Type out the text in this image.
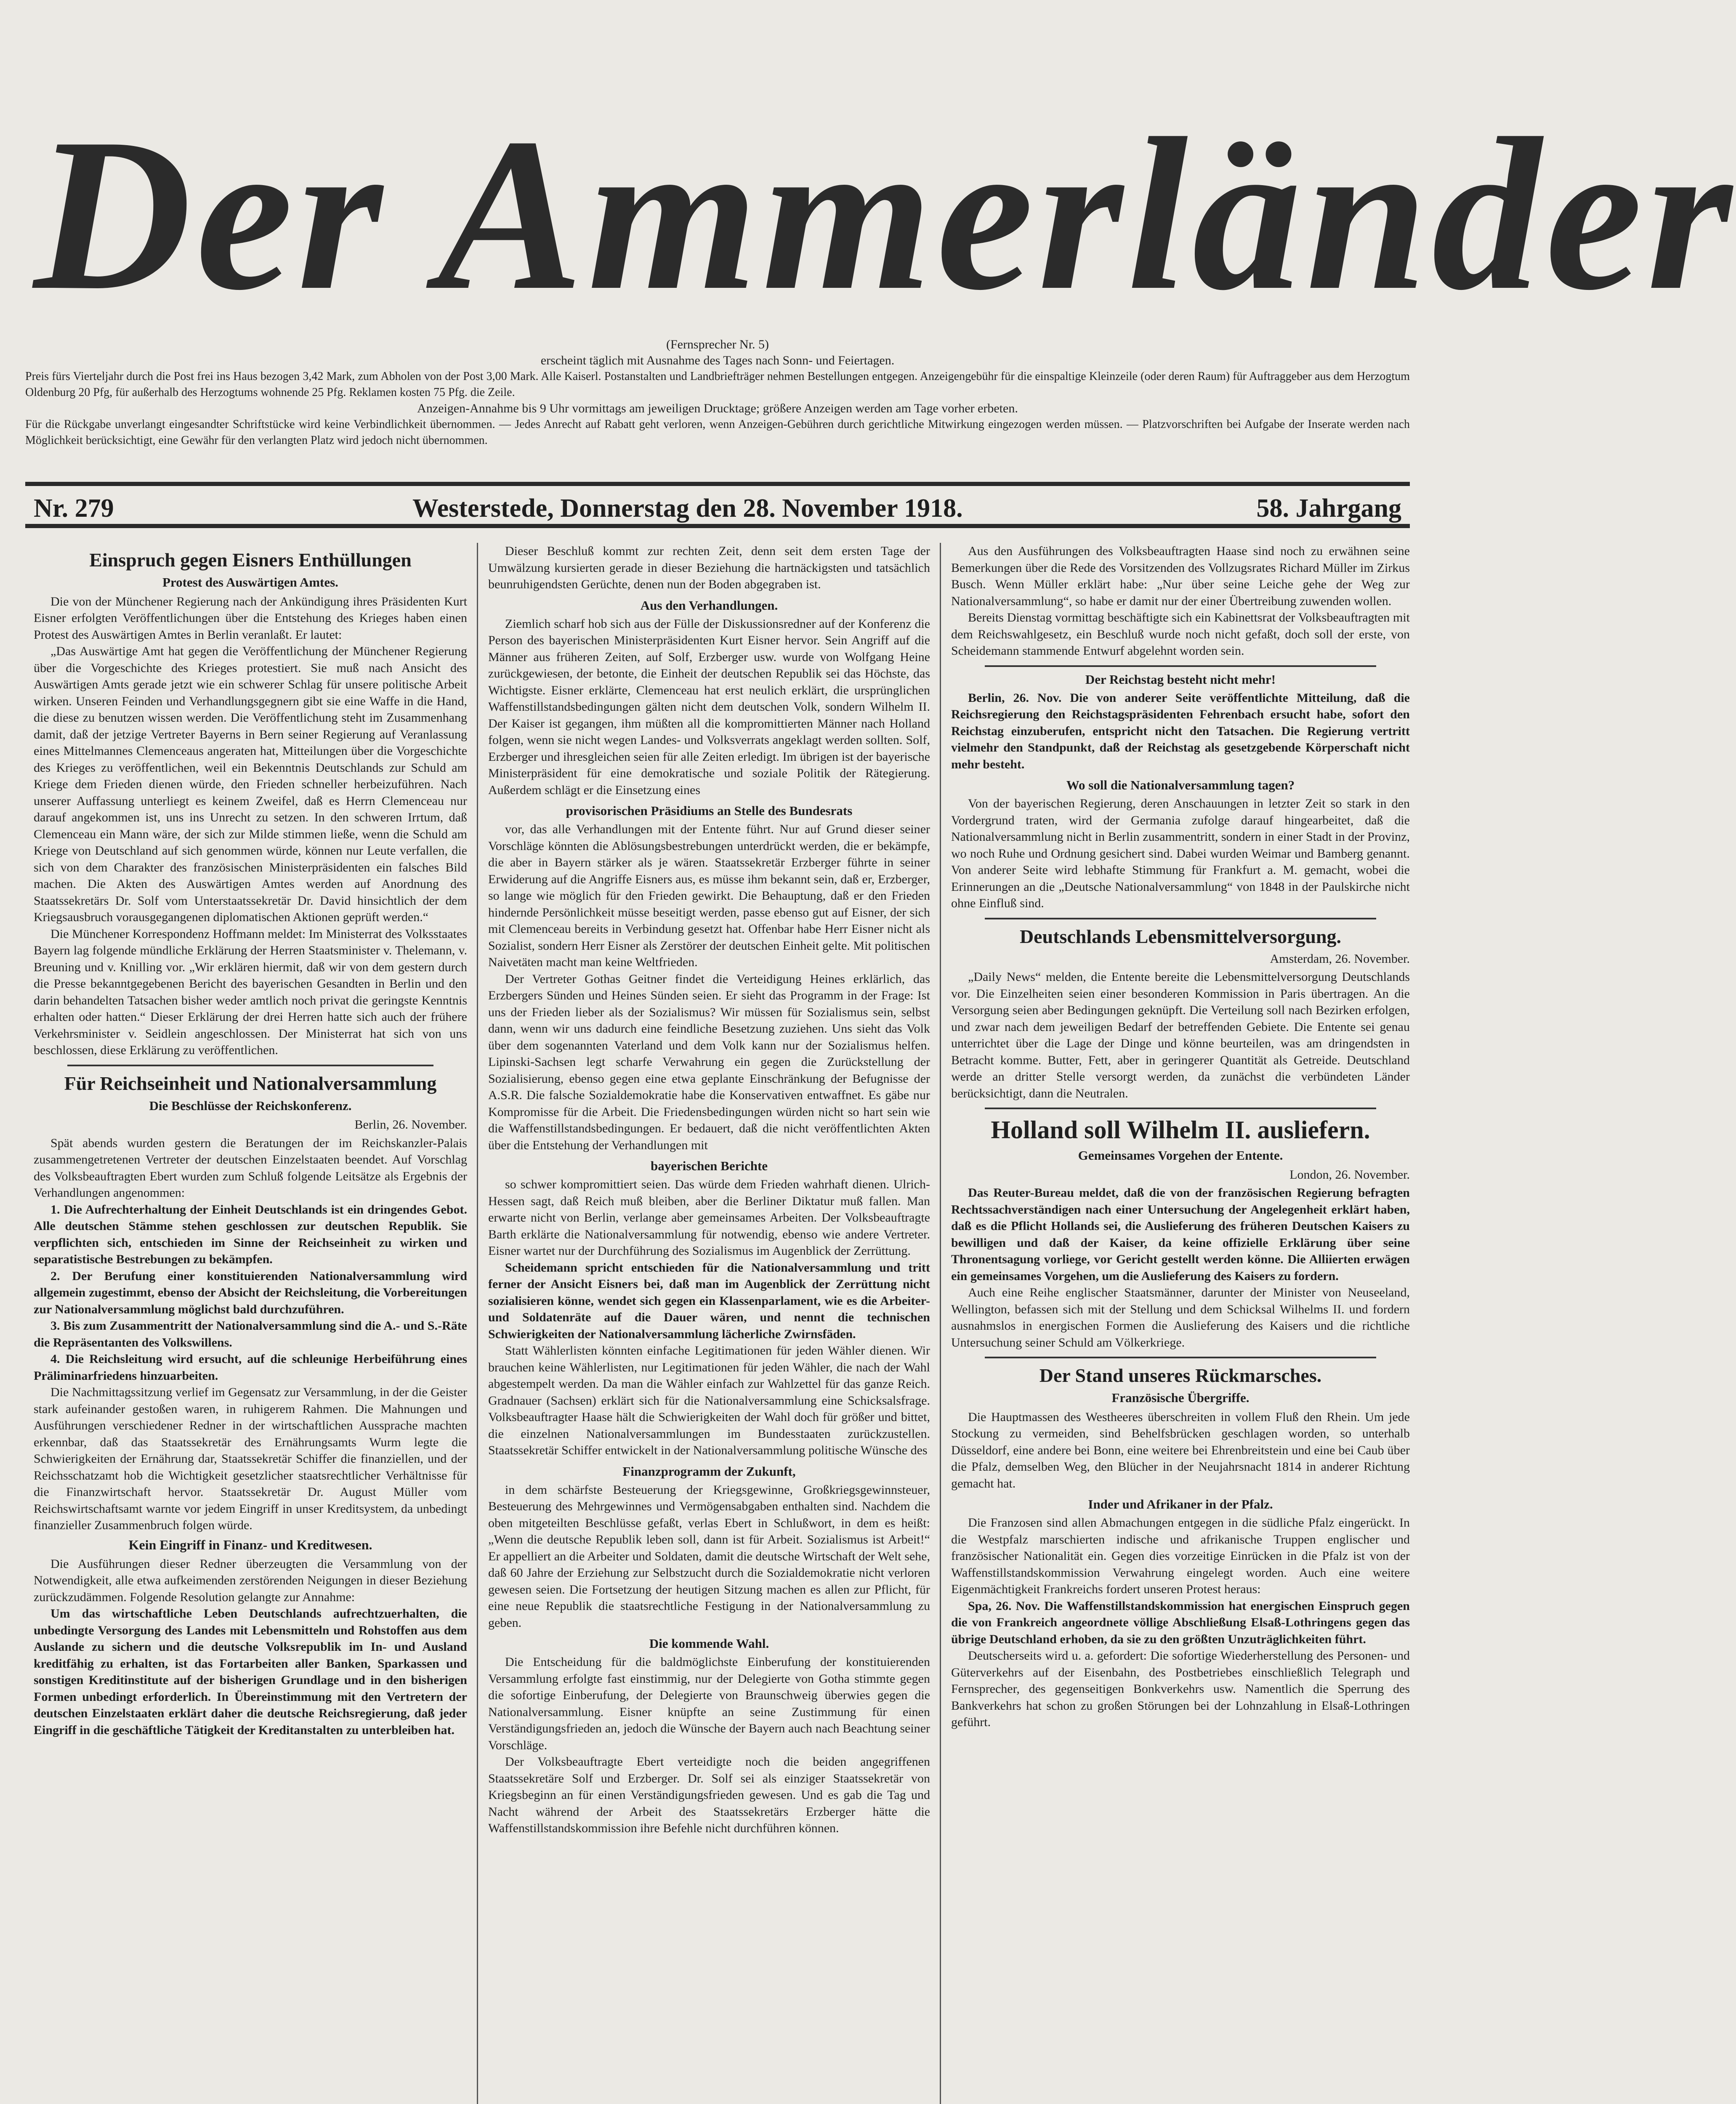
Der Ammerländer
(Fernsprecher Nr. 5)
erscheint täglich mit Ausnahme des Tages nach Sonn- und Feiertagen.
Preis fürs Vierteljahr durch die Post frei ins Haus bezogen 3,42 Mark, zum Abholen von der Post 3,00 Mark. Alle Kaiserl. Postanstalten und Landbriefträger nehmen Bestellungen entgegen. Anzeigengebühr für die einspaltige Kleinzeile (oder deren Raum) für Auftraggeber aus dem Herzogtum Oldenburg 20 Pfg, für außerhalb des Herzogtums wohnende 25 Pfg. Reklamen kosten 75 Pfg. die Zeile.
Anzeigen-Annahme bis 9 Uhr vormittags am jeweiligen Drucktage; größere Anzeigen werden am Tage vorher erbeten.
Für die Rückgabe unverlangt eingesandter Schriftstücke wird keine Verbindlichkeit übernommen. — Jedes Anrecht auf Rabatt geht verloren, wenn Anzeigen-Gebühren durch gerichtliche Mitwirkung eingezogen werden müssen. — Platzvorschriften bei Aufgabe der Inserate werden nach Möglichkeit berücksichtigt, eine Gewähr für den verlangten Platz wird jedoch nicht übernommen.
Nr. 279	Westerstede, Donnerstag den 28. November 1918.	58. Jahrgang
Einspruch gegen Eisners Enthüllungen
Protest des Auswärtigen Amtes.

Die von der Münchener Regierung nach der Ankündigung ihres Präsidenten Kurt Eisner erfolgten Veröffentlichungen über die Entstehung des Krieges haben einen Protest des Auswärtigen Amtes in Berlin veranlaßt. Er lautet:

„Das Auswärtige Amt hat gegen die Veröffentlichung der Münchener Regierung über die Vorgeschichte des Krieges protestiert. Sie muß nach Ansicht des Auswärtigen Amts gerade jetzt wie ein schwerer Schlag für unsere politische Arbeit wirken. Unseren Feinden und Verhandlungsgegnern gibt sie eine Waffe in die Hand, die diese zu benutzen wissen werden. Die Veröffentlichung steht im Zusammenhang damit, daß der jetzige Vertreter Bayerns in Bern seiner Regierung auf Veranlassung eines Mittelmannes Clemenceaus angeraten hat, Mitteilungen über die Vorgeschichte des Krieges zu veröffentlichen, weil ein Bekenntnis Deutschlands zur Schuld am Kriege dem Frieden dienen würde, den Frieden schneller herbeizuführen. Nach unserer Auffassung unterliegt es keinem Zweifel, daß es Herrn Clemenceau nur darauf angekommen ist, uns ins Unrecht zu setzen. In den schweren Irrtum, daß Clemenceau ein Mann wäre, der sich zur Milde stimmen ließe, wenn die Schuld am Kriege von Deutschland auf sich genommen würde, können nur Leute verfallen, die sich von dem Charakter des französischen Ministerpräsidenten ein falsches Bild machen. Die Akten des Auswärtigen Amtes werden auf Anordnung des Staatssekretärs Dr. Solf vom Unterstaatssekretär Dr. David hinsichtlich der dem Kriegsausbruch vorausgegangenen diplomatischen Aktionen geprüft werden.“

Die Münchener Korrespondenz Hoffmann meldet: Im Ministerrat des Volksstaates Bayern lag folgende mündliche Erklärung der Herren Staatsminister v. Thelemann, v. Breuning und v. Knilling vor. „Wir erklären hiermit, daß wir von dem gestern durch die Presse bekanntgegebenen Bericht des bayerischen Gesandten in Berlin und den darin behandelten Tatsachen bisher weder amtlich noch privat die geringste Kenntnis erhalten oder hatten.“ Dieser Erklärung der drei Herren hatte sich auch der frühere Verkehrsminister v. Seidlein angeschlossen. Der Ministerrat hat sich von uns beschlossen, diese Erklärung zu veröffentlichen.

Für Reichseinheit und Nationalversammlung
Die Beschlüsse der Reichskonferenz.
Berlin, 26. November.

Spät abends wurden gestern die Beratungen der im Reichskanzler-Palais zusammengetretenen Vertreter der deutschen Einzelstaaten beendet. Auf Vorschlag des Volksbeauftragten Ebert wurden zum Schluß folgende Leitsätze als Ergebnis der Verhandlungen angenommen:

1. Die Aufrechterhaltung der Einheit Deutschlands ist ein dringendes Gebot. Alle deutschen Stämme stehen geschlossen zur deutschen Republik. Sie verpflichten sich, entschieden im Sinne der Reichseinheit zu wirken und separatistische Bestrebungen zu bekämpfen.

2. Der Berufung einer konstituierenden Nationalversammlung wird allgemein zugestimmt, ebenso der Absicht der Reichsleitung, die Vorbereitungen zur Nationalversammlung möglichst bald durchzuführen.

3. Bis zum Zusammentritt der Nationalversammlung sind die A.- und S.-Räte die Repräsentanten des Volkswillens.

4. Die Reichsleitung wird ersucht, auf die schleunige Herbeiführung eines Präliminarfriedens hinzuarbeiten.

Die Nachmittagssitzung verlief im Gegensatz zur Versammlung, in der die Geister stark aufeinander gestoßen waren, in ruhigerem Rahmen. Die Mahnungen und Ausführungen verschiedener Redner in der wirtschaftlichen Aussprache machten erkennbar, daß das Staatssekretär des Ernährungsamts Wurm legte die Schwierigkeiten der Ernährung dar, Staatssekretär Schiffer die finanziellen, und der Reichsschatzamt hob die Wichtigkeit gesetzlicher staatsrechtlicher Verhältnisse für die Finanzwirtschaft hervor. Staatssekretär Dr. August Müller vom Reichswirtschaftsamt warnte vor jedem Eingriff in unser Kreditsystem, da unbedingt finanzieller Zusammenbruch folgen würde.

Kein Eingriff in Finanz- und Kreditwesen.

Die Ausführungen dieser Redner überzeugten die Versammlung von der Notwendigkeit, alle etwa aufkeimenden zerstörenden Neigungen in dieser Beziehung zurückzudämmen. Folgende Resolution gelangte zur Annahme:

Um das wirtschaftliche Leben Deutschlands aufrechtzuerhalten, die unbedingte Versorgung des Landes mit Lebensmitteln und Rohstoffen aus dem Auslande zu sichern und die deutsche Volksrepublik im In- und Ausland kreditfähig zu erhalten, ist das Fortarbeiten aller Banken, Sparkassen und sonstigen Kreditinstitute auf der bisherigen Grundlage und in den bisherigen Formen unbedingt erforderlich. In Übereinstimmung mit den Vertretern der deutschen Einzelstaaten erklärt daher die deutsche Reichsregierung, daß jeder Eingriff in die geschäftliche Tätigkeit der Kreditanstalten zu unterbleiben hat.

Dieser Beschluß kommt zur rechten Zeit, denn seit dem ersten Tage der Umwälzung kursierten gerade in dieser Beziehung die hartnäckigsten und tatsächlich beunruhigendsten Gerüchte, denen nun der Boden abgegraben ist.

Aus den Verhandlungen.

Ziemlich scharf hob sich aus der Fülle der Diskussionsredner auf der Konferenz die Person des bayerischen Ministerpräsidenten Kurt Eisner hervor. Sein Angriff auf die Männer aus früheren Zeiten, auf Solf, Erzberger usw. wurde von Wolfgang Heine zurückgewiesen, der betonte, die Einheit der deutschen Republik sei das Höchste, das Wichtigste. Eisner erklärte, Clemenceau hat erst neulich erklärt, die ursprünglichen Waffenstillstandsbedingungen gälten nicht dem deutschen Volk, sondern Wilhelm II. Der Kaiser ist gegangen, ihm müßten all die kompromittierten Männer nach Holland folgen, wenn sie nicht wegen Landes- und Volksverrats angeklagt werden sollten. Solf, Erzberger und ihresgleichen seien für alle Zeiten erledigt. Im übrigen ist der bayerische Ministerpräsident für eine demokratische und soziale Politik der Rätegierung. Außerdem schlägt er die Einsetzung eines

provisorischen Präsidiums an Stelle des Bundesrats

vor, das alle Verhandlungen mit der Entente führt. Nur auf Grund dieser seiner Vorschläge könnten die Ablösungsbestrebungen unterdrückt werden, die er bekämpfe, die aber in Bayern stärker als je wären. Staatssekretär Erzberger führte in seiner Erwiderung auf die Angriffe Eisners aus, es müsse ihm bekannt sein, daß er, Erzberger, so lange wie möglich für den Frieden gewirkt. Die Behauptung, daß er den Frieden hindernde Persönlichkeit müsse beseitigt werden, passe ebenso gut auf Eisner, der sich mit Clemenceau bereits in Verbindung gesetzt hat. Offenbar habe Herr Eisner nicht als Sozialist, sondern Herr Eisner als Zerstörer der deutschen Einheit gelte. Mit politischen Naivetäten macht man keine Weltfrieden.

Der Vertreter Gothas Geitner findet die Verteidigung Heines erklärlich, das Erzbergers Sünden und Heines Sünden seien. Er sieht das Programm in der Frage: Ist uns der Frieden lieber als der Sozialismus? Wir müssen für Sozialismus sein, selbst dann, wenn wir uns dadurch eine feindliche Besetzung zuziehen. Uns sieht das Volk über dem sogenannten Vaterland und dem Volk kann nur der Sozialismus helfen. Lipinski-Sachsen legt scharfe Verwahrung ein gegen die Zurückstellung der Sozialisierung, ebenso gegen eine etwa geplante Einschränkung der Befugnisse der A.S.R. Die falsche Sozialdemokratie habe die Konservativen entwaffnet. Es gäbe nur Kompromisse für die Arbeit. Die Friedensbedingungen würden nicht so hart sein wie die Waffenstillstandsbedingungen. Er bedauert, daß die nicht veröffentlichten Akten über die Entstehung der Verhandlungen mit

bayerischen Berichte

so schwer kompromittiert seien. Das würde dem Frieden wahrhaft dienen. Ulrich-Hessen sagt, daß Reich muß bleiben, aber die Berliner Diktatur muß fallen. Man erwarte nicht von Berlin, verlange aber gemeinsames Arbeiten. Der Volksbeauftragte Barth erklärte die Nationalversammlung für notwendig, ebenso wie andere Vertreter. Eisner wartet nur der Durchführung des Sozialismus im Augenblick der Zerrüttung.

Scheidemann spricht entschieden für die Nationalversammlung und tritt ferner der Ansicht Eisners bei, daß man im Augenblick der Zerrüttung nicht sozialisieren könne, wendet sich gegen ein Klassenparlament, wie es die Arbeiter- und Soldatenräte auf die Dauer wären, und nennt die technischen Schwierigkeiten der Nationalversammlung lächerliche Zwirnsfäden.

Statt Wählerlisten könnten einfache Legitimationen für jeden Wähler dienen. Wir brauchen keine Wählerlisten, nur Legitimationen für jeden Wähler, die nach der Wahl abgestempelt werden. Da man die Wähler einfach zur Wahlzettel für das ganze Reich. Gradnauer (Sachsen) erklärt sich für die Nationalversammlung eine Schicksalsfrage. Volksbeauftragter Haase hält die Schwierigkeiten der Wahl doch für größer und bittet, die einzelnen Nationalversammlungen im Bundesstaaten zurückzustellen. Staatssekretär Schiffer entwickelt in der Nationalversammlung politische Wünsche des

Finanzprogramm der Zukunft,

in dem schärfste Besteuerung der Kriegsgewinne, Großkriegsgewinnsteuer, Besteuerung des Mehrgewinnes und Vermögensabgaben enthalten sind. Nachdem die oben mitgeteilten Beschlüsse gefaßt, verlas Ebert in Schlußwort, in dem es heißt: „Wenn die deutsche Republik leben soll, dann ist für Arbeit. Sozialismus ist Arbeit!“ Er appelliert an die Arbeiter und Soldaten, damit die deutsche Wirtschaft der Welt sehe, daß 60 Jahre der Erziehung zur Selbstzucht durch die Sozialdemokratie nicht verloren gewesen seien. Die Fortsetzung der heutigen Sitzung machen es allen zur Pflicht, für eine neue Republik die staatsrechtliche Festigung in der Nationalversammlung zu geben.

Die kommende Wahl.

Die Entscheidung für die baldmöglichste Einberufung der konstituierenden Versammlung erfolgte fast einstimmig, nur der Delegierte von Gotha stimmte gegen die sofortige Einberufung, der Delegierte von Braunschweig überwies gegen die Nationalversammlung. Eisner knüpfte an seine Zustimmung für einen Verständigungsfrieden an, jedoch die Wünsche der Bayern auch nach Beachtung seiner Vorschläge.

Der Volksbeauftragte Ebert verteidigte noch die beiden angegriffenen Staatssekretäre Solf und Erzberger. Dr. Solf sei als einziger Staatssekretär von Kriegsbeginn an für einen Verständigungsfrieden gewesen. Und es gab die Tag und Nacht während der Arbeit des Staatssekretärs Erzberger hätte die Waffenstillstandskommission ihre Befehle nicht durchführen können.

Aus den Ausführungen des Volksbeauftragten Haase sind noch zu erwähnen seine Bemerkungen über die Rede des Vorsitzenden des Vollzugsrates Richard Müller im Zirkus Busch. Wenn Müller erklärt habe: „Nur über seine Leiche gehe der Weg zur Nationalversammlung“, so habe er damit nur der einer Übertreibung zuwenden wollen.

Bereits Dienstag vormittag beschäftigte sich ein Kabinettsrat der Volksbeauftragten mit dem Reichswahlgesetz, ein Beschluß wurde noch nicht gefaßt, doch soll der erste, von Scheidemann stammende Entwurf abgelehnt worden sein.

Der Reichstag besteht nicht mehr!

Berlin, 26. Nov. Die von anderer Seite veröffentlichte Mitteilung, daß die Reichsregierung den Reichstagspräsidenten Fehrenbach ersucht habe, sofort den Reichstag einzuberufen, entspricht nicht den Tatsachen. Die Regierung vertritt vielmehr den Standpunkt, daß der Reichstag als gesetzgebende Körperschaft nicht mehr besteht.

Wo soll die Nationalversammlung tagen?

Von der bayerischen Regierung, deren Anschauungen in letzter Zeit so stark in den Vordergrund traten, wird der Germania zufolge darauf hingearbeitet, daß die Nationalversammlung nicht in Berlin zusammentritt, sondern in einer Stadt in der Provinz, wo noch Ruhe und Ordnung gesichert sind. Dabei wurden Weimar und Bamberg genannt. Von anderer Seite wird lebhafte Stimmung für Frankfurt a. M. gemacht, wobei die Erinnerungen an die „Deutsche Nationalversammlung“ von 1848 in der Paulskirche nicht ohne Einfluß sind.

Deutschlands Lebensmittelversorgung.
Amsterdam, 26. November.

„Daily News“ melden, die Entente bereite die Lebensmittelversorgung Deutschlands vor. Die Einzelheiten seien einer besonderen Kommission in Paris übertragen. An die Versorgung seien aber Bedingungen geknüpft. Die Verteilung soll nach Bezirken erfolgen, und zwar nach dem jeweiligen Bedarf der betreffenden Gebiete. Die Entente sei genau unterrichtet über die Lage der Dinge und könne beurteilen, was am dringendsten in Betracht komme. Butter, Fett, aber in geringerer Quantität als Getreide. Deutschland werde an dritter Stelle versorgt werden, da zunächst die verbündeten Länder berücksichtigt, dann die Neutralen.

Holland soll Wilhelm II. ausliefern.
Gemeinsames Vorgehen der Entente.
London, 26. November.

Das Reuter-Bureau meldet, daß die von der französischen Regierung befragten Rechtssachverständigen nach einer Untersuchung der Angelegenheit erklärt haben, daß es die Pflicht Hollands sei, die Auslieferung des früheren Deutschen Kaisers zu bewilligen und daß der Kaiser, da keine offizielle Erklärung über seine Thronentsagung vorliege, vor Gericht gestellt werden könne. Die Alliierten erwägen ein gemeinsames Vorgehen, um die Auslieferung des Kaisers zu fordern.

Auch eine Reihe englischer Staatsmänner, darunter der Minister von Neuseeland, Wellington, befassen sich mit der Stellung und dem Schicksal Wilhelms II. und fordern ausnahmslos in energischen Formen die Auslieferung des Kaisers und die richtliche Untersuchung seiner Schuld am Völkerkriege.

Der Stand unseres Rückmarsches.
Französische Übergriffe.

Die Hauptmassen des Westheeres überschreiten in vollem Fluß den Rhein. Um jede Stockung zu vermeiden, sind Behelfsbrücken geschlagen worden, so unterhalb Düsseldorf, eine andere bei Bonn, eine weitere bei Ehrenbreitstein und eine bei Caub über die Pfalz, demselben Weg, den Blücher in der Neujahrsnacht 1814 in anderer Richtung gemacht hat.

Inder und Afrikaner in der Pfalz.

Die Franzosen sind allen Abmachungen entgegen in die südliche Pfalz eingerückt. In die Westpfalz marschierten indische und afrikanische Truppen englischer und französischer Nationalität ein. Gegen dies vorzeitige Einrücken in die Pfalz ist von der Waffenstillstandskommission Verwahrung eingelegt worden. Auch eine weitere Eigenmächtigkeit Frankreichs fordert unseren Protest heraus:

Spa, 26. Nov. Die Waffenstillstandskommission hat energischen Einspruch gegen die von Frankreich angeordnete völlige Abschließung Elsaß-Lothringens gegen das übrige Deutschland erhoben, da sie zu den größten Unzuträglichkeiten führt.

Deutscherseits wird u. a. gefordert: Die sofortige Wiederherstellung des Personen- und Güterverkehrs auf der Eisenbahn, des Postbetriebes einschließlich Telegraph und Fernsprecher, des gegenseitigen Bonkverkehrs usw. Namentlich die Sperrung des Bankverkehrs hat schon zu großen Störungen bei der Lohnzahlung in Elsaß-Lothringen geführt.
